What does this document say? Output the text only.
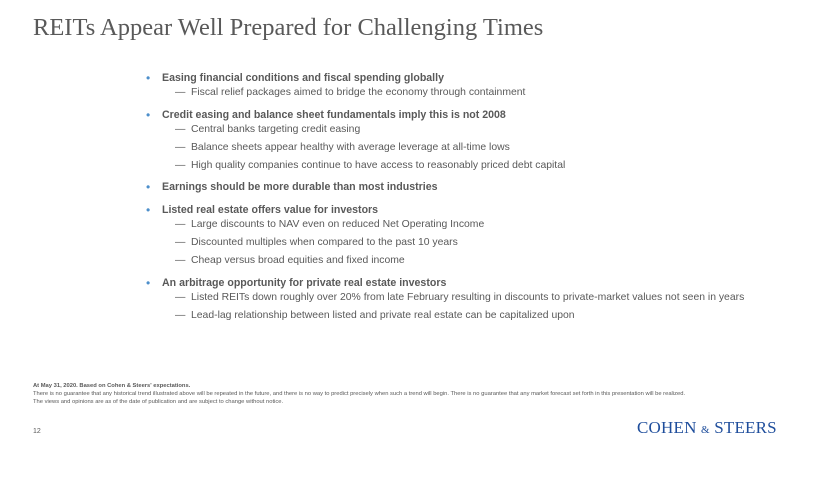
REITs Appear Well Prepared for Challenging Times
• Easing financial conditions and fiscal spending globally
— Fiscal relief packages aimed to bridge the economy through containment
• Credit easing and balance sheet fundamentals imply this is not 2008
— Central banks targeting credit easing
— Balance sheets appear healthy with average leverage at all-time lows
— High quality companies continue to have access to reasonably priced debt capital
• Earnings should be more durable than most industries
• Listed real estate offers value for investors
— Large discounts to NAV even on reduced Net Operating Income
— Discounted multiples when compared to the past 10 years
— Cheap versus broad equities and fixed income
• An arbitrage opportunity for private real estate investors
— Listed REITs down roughly over 20% from late February resulting in discounts to private-market values not seen in years
— Lead-lag relationship between listed and private real estate can be capitalized upon
At May 31, 2020. Based on Cohen & Steers' expectations.
There is no guarantee that any historical trend illustrated above will be repeated in the future, and there is no way to predict precisely when such a trend will begin. There is no guarantee that any market forecast set forth in this presentation will be realized.
The views and opinions are as of the date of publication and are subject to change without notice.
12	COHEN & STEERS
